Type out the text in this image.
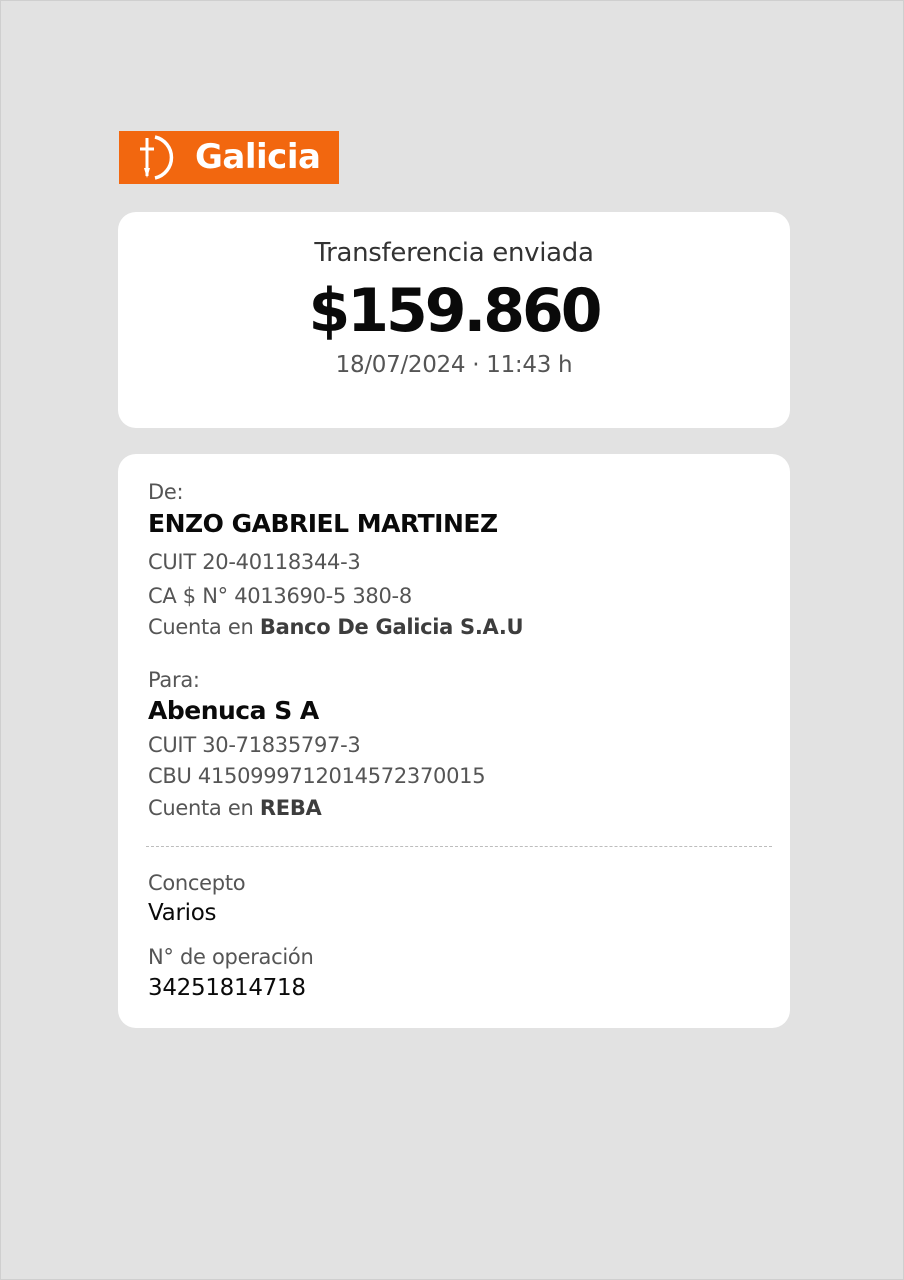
Galicia
Transferencia enviada
$159.860
18/07/2024 · 11:43 h
De:
ENZO GABRIEL MARTINEZ
CUIT 20-40118344-3
CA $ N° 4013690-5 380-8
Cuenta en Banco De Galicia S.A.U
Para:
Abenuca S A
CUIT 30-71835797-3
CBU 4150999712014572370015
Cuenta en REBA
Concepto
Varios
N° de operación
34251814718
